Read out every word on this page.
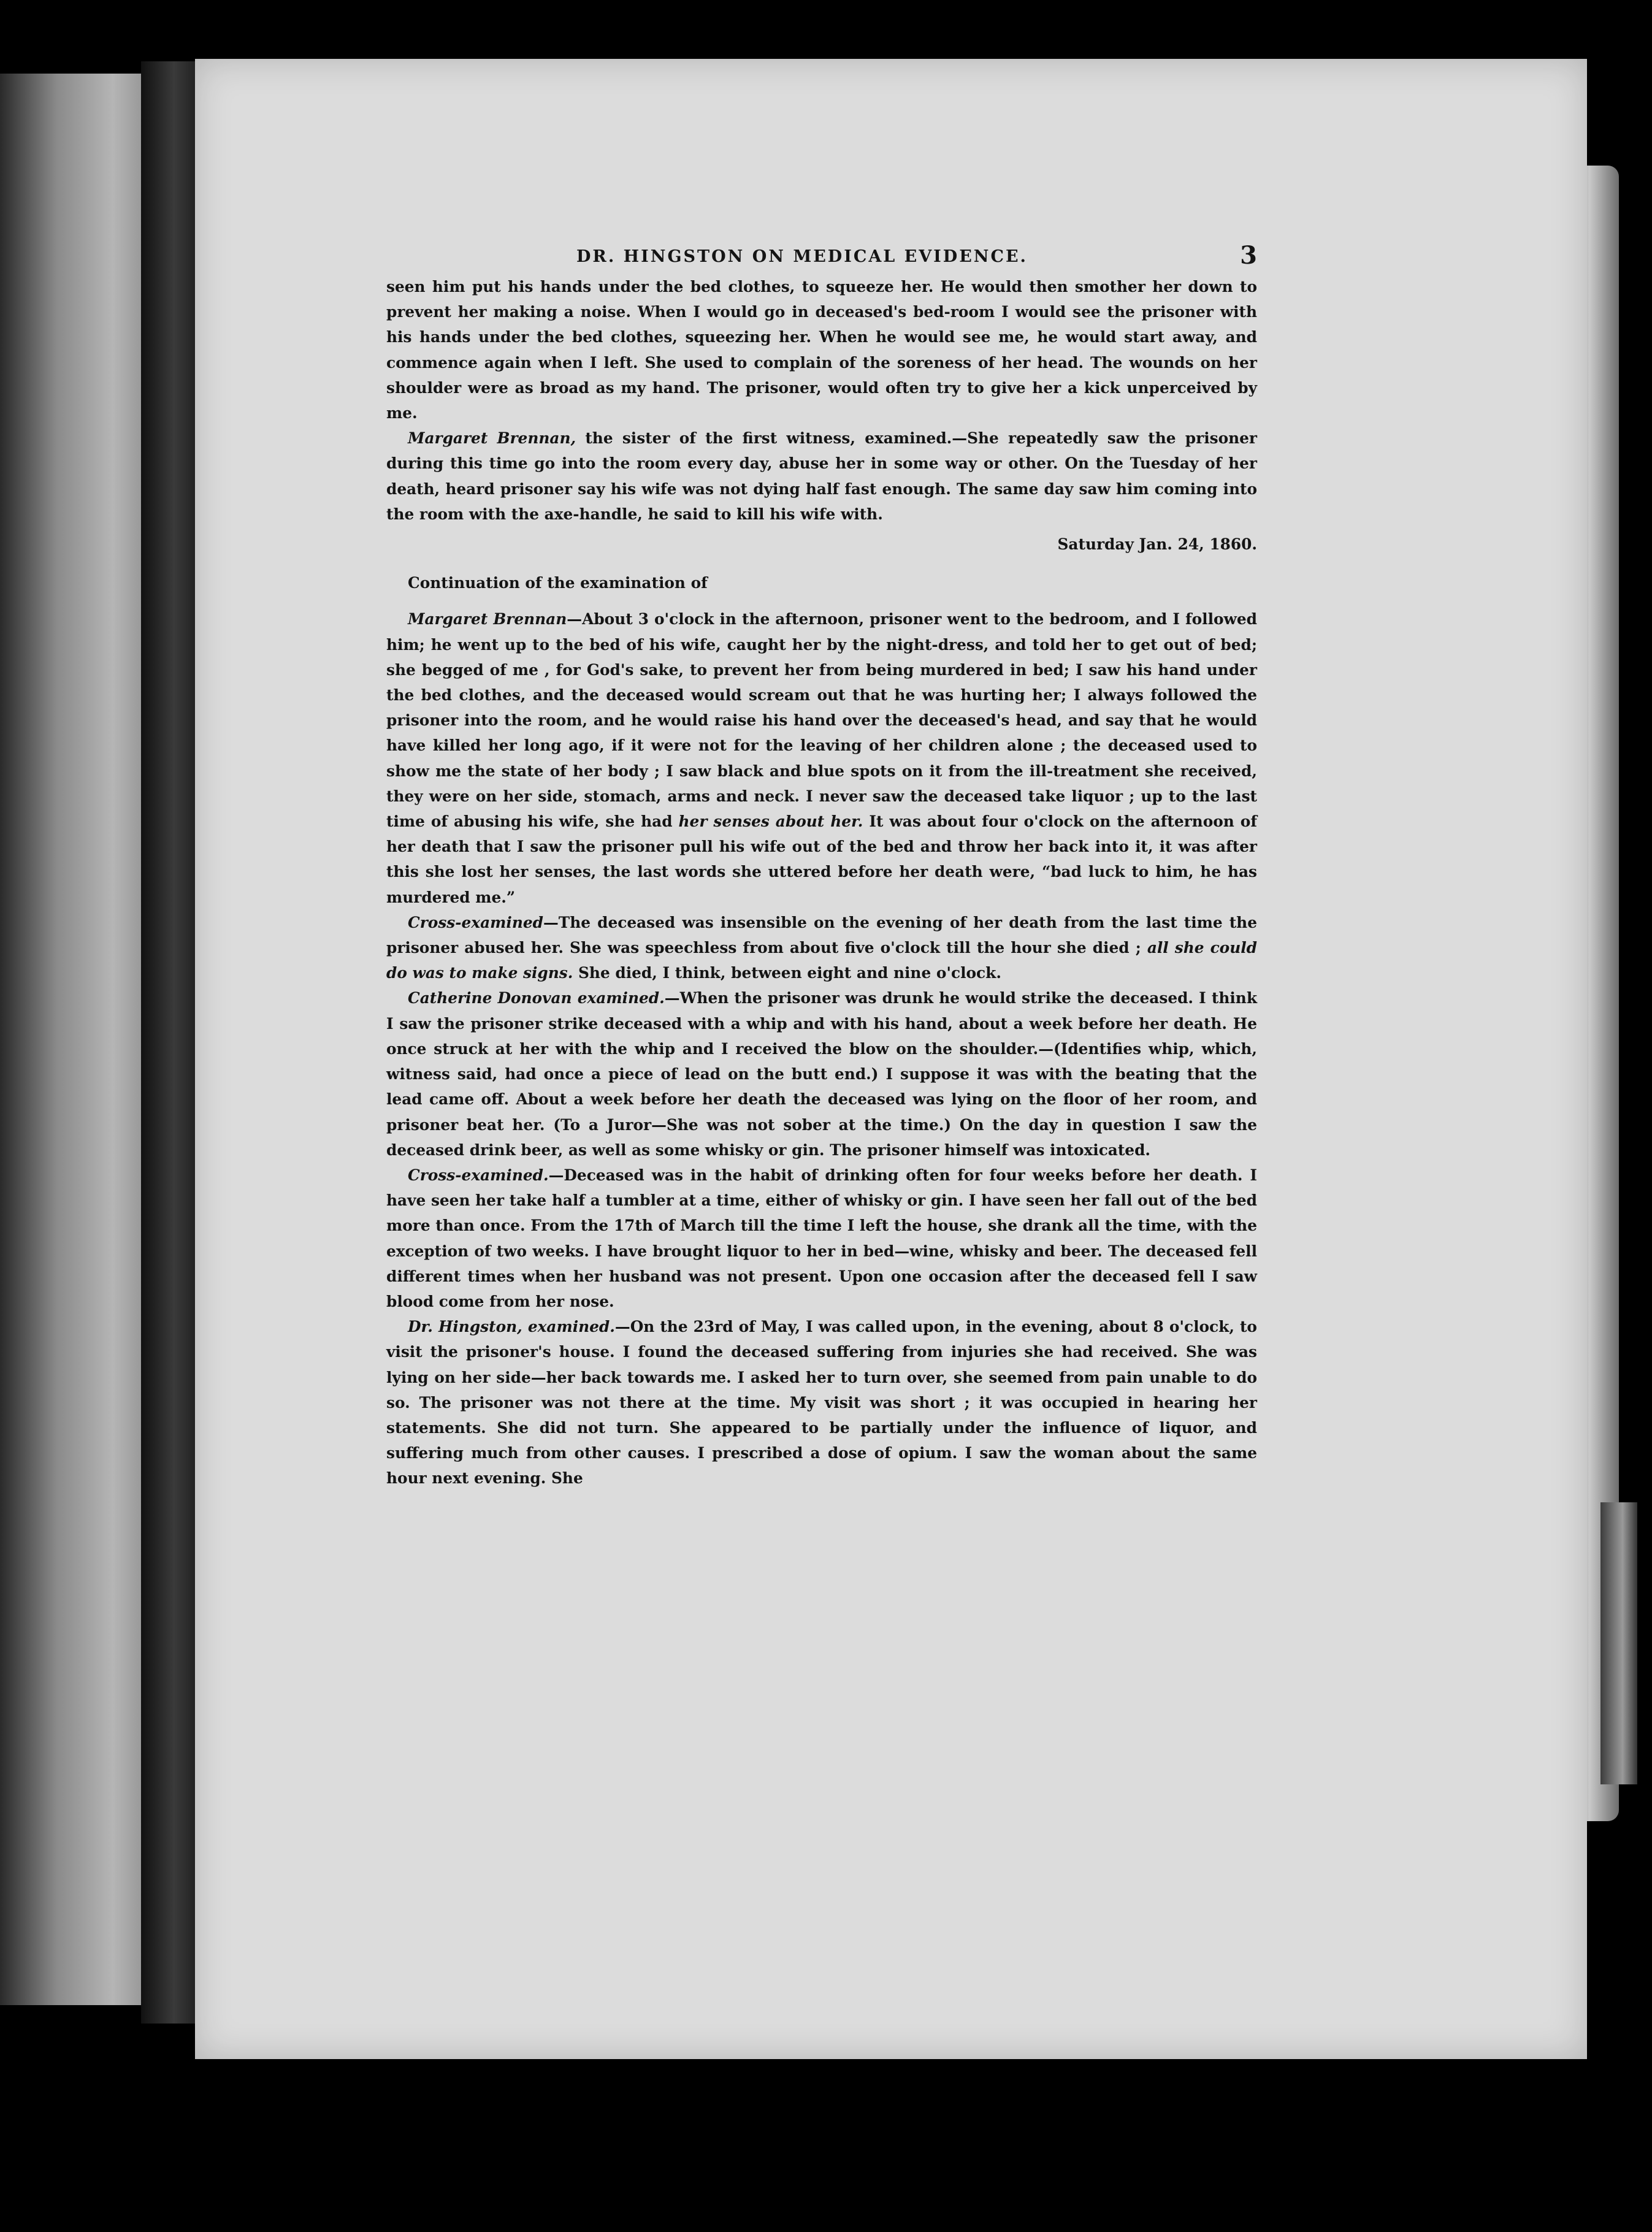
DR. HINGSTON ON MEDICAL EVIDENCE.	3

seen him put his hands under the bed clothes, to squeeze her. He would then smother her down to prevent her making a noise. When I would go in deceased's bed-room I would see the prisoner with his hands under the bed clothes, squeezing her. When he would see me, he would start away, and commence again when I left. She used to complain of the soreness of her head. The wounds on her shoulder were as broad as my hand. The prisoner, would often try to give her a kick unperceived by me.

Margaret Brennan, the sister of the first witness, examined.—She repeatedly saw the prisoner during this time go into the room every day, abuse her in some way or other. On the Tuesday of her death, heard prisoner say his wife was not dying half fast enough. The same day saw him coming into the room with the axe-handle, he said to kill his wife with.

Saturday Jan. 24, 1860.

Continuation of the examination of

Margaret Brennan—About 3 o'clock in the afternoon, prisoner went to the bedroom, and I followed him; he went up to the bed of his wife, caught her by the night-dress, and told her to get out of bed; she begged of me , for God's sake, to prevent her from being murdered in bed; I saw his hand under the bed clothes, and the deceased would scream out that he was hurting her; I always followed the prisoner into the room, and he would raise his hand over the deceased's head, and say that he would have killed her long ago, if it were not for the leaving of her children alone ; the deceased used to show me the state of her body ; I saw black and blue spots on it from the ill-treatment she received, they were on her side, stomach, arms and neck. I never saw the deceased take liquor ; up to the last time of abusing his wife, she had her senses about her. It was about four o'clock on the afternoon of her death that I saw the prisoner pull his wife out of the bed and throw her back into it, it was after this she lost her senses, the last words she uttered before her death were, “bad luck to him, he has murdered me.”

Cross-examined—The deceased was insensible on the evening of her death from the last time the prisoner abused her. She was speechless from about five o'clock till the hour she died ; all she could do was to make signs. She died, I think, between eight and nine o'clock.

Catherine Donovan examined.—When the prisoner was drunk he would strike the deceased. I think I saw the prisoner strike deceased with a whip and with his hand, about a week before her death. He once struck at her with the whip and I received the blow on the shoulder.—(Identifies whip, which, witness said, had once a piece of lead on the butt end.) I suppose it was with the beating that the lead came off. About a week before her death the deceased was lying on the floor of her room, and prisoner beat her. (To a Juror—She was not sober at the time.) On the day in question I saw the deceased drink beer, as well as some whisky or gin. The prisoner himself was intoxicated.

Cross-examined.—Deceased was in the habit of drinking often for four weeks before her death. I have seen her take half a tumbler at a time, either of whisky or gin. I have seen her fall out of the bed more than once. From the 17th of March till the time I left the house, she drank all the time, with the exception of two weeks. I have brought liquor to her in bed—wine, whisky and beer. The deceased fell different times when her husband was not present. Upon one occasion after the deceased fell I saw blood come from her nose.

Dr. Hingston, examined.—On the 23rd of May, I was called upon, in the evening, about 8 o'clock, to visit the prisoner's house. I found the deceased suffering from injuries she had received. She was lying on her side—her back towards me. I asked her to turn over, she seemed from pain unable to do so. The prisoner was not there at the time. My visit was short ; it was occupied in hearing her statements. She did not turn. She appeared to be partially under the influence of liquor, and suffering much from other causes. I prescribed a dose of opium. I saw the woman about the same hour next evening. She
